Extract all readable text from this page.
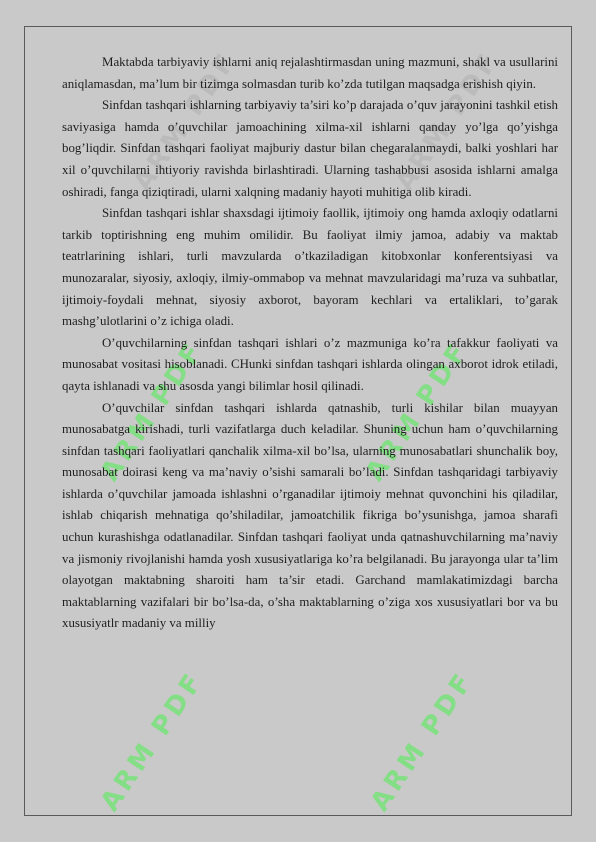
ARM PDF
ARM PDF
ARM PDF
ARM PDF
ARM PDF
ARM PDF

Maktabda tarbiyaviy ishlarni aniq rejalashtirmasdan uning mazmuni, shakl va usullarini aniqlamasdan, ma’lum bir tizimga solmasdan turib ko’zda tutilgan maqsadga erishish qiyin.

Sinfdan tashqari ishlarning tarbiyaviy ta’siri ko’p darajada o’quv jarayonini tashkil etish saviyasiga hamda o’quvchilar jamoachining xilma-xil ishlarni qanday yo’lga qo’yishga bog’liqdir. Sinfdan tashqari faoliyat majburiy dastur bilan chegaralanmaydi, balki yoshlari har xil o’quvchilarni ihtiyoriy ravishda birlashtiradi. Ularning tashabbusi asosida ishlarni amalga oshiradi, fanga qiziqtiradi, ularni xalqning madaniy hayoti muhitiga olib kiradi.

Sinfdan tashqari ishlar shaxsdagi ijtimoiy faollik, ijtimoiy ong hamda axloqiy odatlarni tarkib toptirishning eng muhim omilidir. Bu faoliyat ilmiy jamoa, adabiy va maktab teatrlarining ishlari, turli mavzularda o’tkaziladigan kitobxonlar konferentsiyasi va munozaralar, siyosiy, axloqiy, ilmiy-ommabop va mehnat mavzularidagi ma’ruza va suhbatlar, ijtimoiy-foydali mehnat, siyosiy axborot, bayoram kechlari va ertaliklari, to’garak mashg’ulotlarini o’z ichiga oladi.

O’quvchilarning sinfdan tashqari ishlari o’z mazmuniga ko’ra tafakkur faoliyati va munosabat vositasi hisoblanadi. CHunki sinfdan tashqari ishlarda olingan axborot idrok etiladi, qayta ishlanadi va shu asosda yangi bilimlar hosil qilinadi.

O’quvchilar sinfdan tashqari ishlarda qatnashib, turli kishilar bilan muayyan munosabatga kirishadi, turli vazifatlarga duch keladilar. Shuning uchun ham o’quvchilarning sinfdan tashqari faoliyatlari qanchalik xilma-xil bo’lsa, ularning munosabatlari shunchalik boy, munosabat doirasi keng va ma’naviy o’sishi samarali bo’ladi. Sinfdan tashqaridagi tarbiyaviy ishlarda o’quvchilar jamoada ishlashni o’rganadilar ijtimoiy mehnat quvonchini his qiladilar, ishlab chiqarish mehnatiga qo’shiladilar, jamoatchilik fikriga bo’ysunishga, jamoa sharafi uchun kurashishga odatlanadilar. Sinfdan tashqari faoliyat unda qatnashuvchilarning ma’naviy va jismoniy rivojlanishi hamda yosh xususiyatlariga ko’ra belgilanadi. Bu jarayonga ular ta’lim olayotgan maktabning sharoiti ham ta’sir etadi. Garchand mamlakatimizdagi barcha maktablarning vazifalari bir bo’lsa-da, o’sha maktablarning o’ziga xos xususiyatlari bor va bu xususiyatlr madaniy va milliy
